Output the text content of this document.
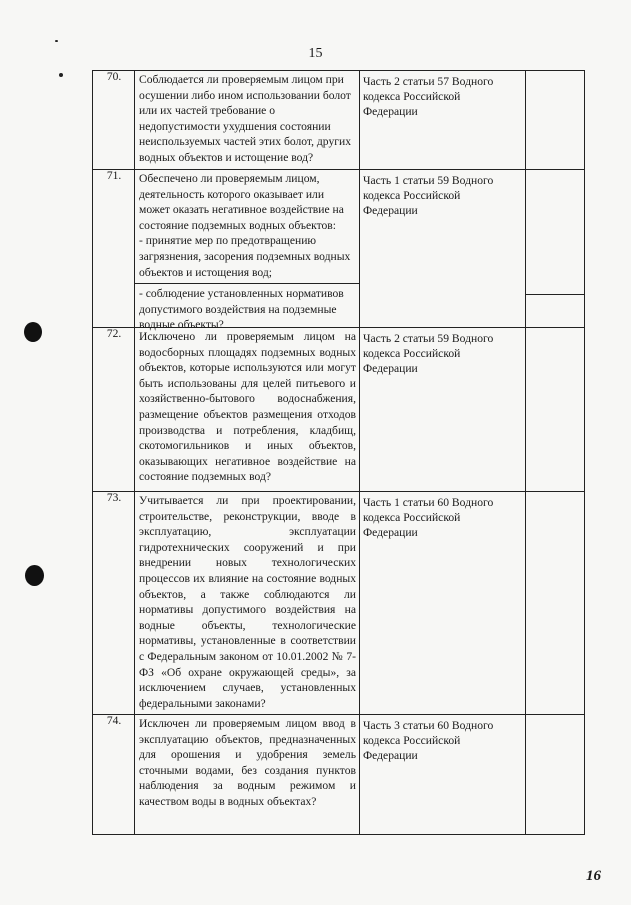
15
70.	Соблюдается ли проверяемым лицом при осушении либо ином использовании болот или их частей требование о недопустимости ухудшения состоянии неиспользуемых частей этих болот, других водных объектов и истощение вод?
Часть 2 статьи 57 Водного кодекса Российской Федерации
71.	Обеспечено ли проверяемым лицом, деятельность которого оказывает или может оказать негативное воздействие на состояние подземных водных объектов:

- принятие мер по предотвращению загрязнения, засорения подземных водных объектов и истощения вод;

- соблюдение установленных нормативов допустимого воздействия на подземные водные объекты?
Часть 1 статьи 59 Водного кодекса Российской Федерации
72.	Исключено ли проверяемым лицом на водосборных площадях подземных водных объектов, которые используются или могут быть использованы для целей питьевого и хозяйственно-бытового водоснабжения, размещение объектов размещения отходов производства и потребления, кладбищ, скотомогильников и иных объектов, оказывающих негативное воздействие на состояние подземных вод?
Часть 2 статьи 59 Водного кодекса Российской Федерации
73.	Учитывается ли при проектировании, строительстве, реконструкции, вводе в эксплуатацию, эксплуатации гидротехнических сооружений и при внедрении новых технологических процессов их влияние на состояние водных объектов, а также соблюдаются ли нормативы допустимого воздействия на водные объекты, технологические нормативы, установленные в соответствии с Федеральным законом от 10.01.2002 № 7-ФЗ «Об охране окружающей среды», за исключением случаев, установленных федеральными законами?
Часть 1 статьи 60 Водного кодекса Российской Федерации
74.	Исключен ли проверяемым лицом ввод в эксплуатацию объектов, предназначенных для орошения и удобрения земель сточными водами, без создания пунктов наблюдения за водным режимом и качеством воды в водных объектах?
Часть 3 статьи 60 Водного кодекса Российской Федерации
16
